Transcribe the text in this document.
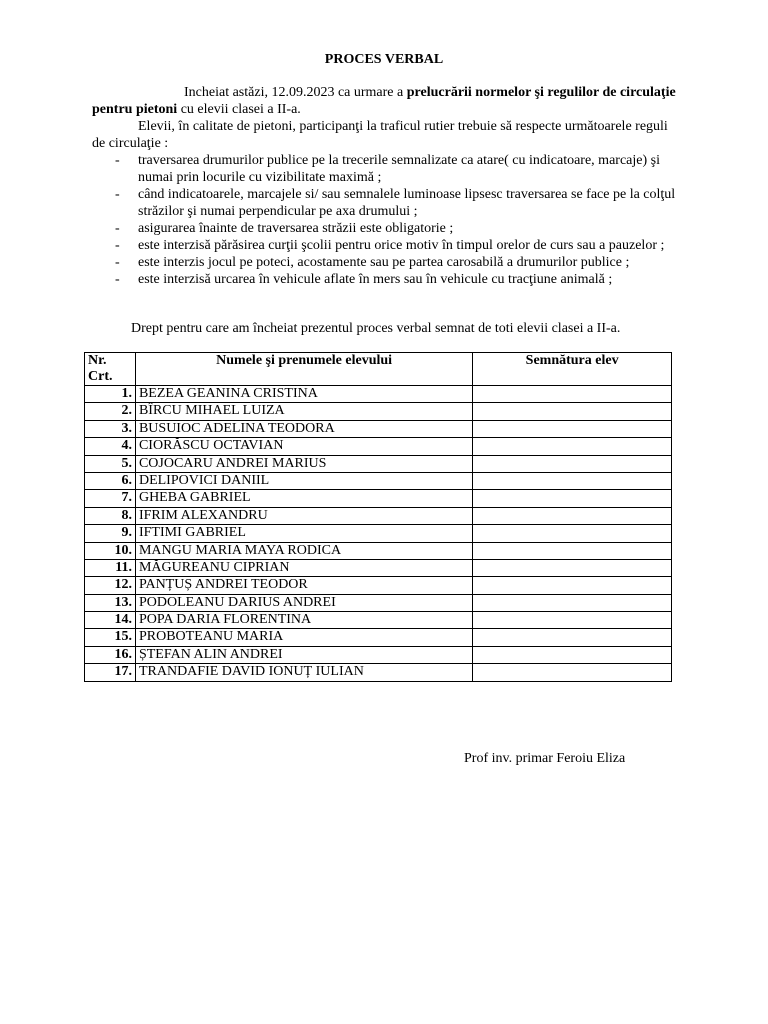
PROCES VERBAL

Incheiat astăzi, 12.09.2023 ca urmare a prelucrării normelor şi regulilor de circulaţie pentru pietoni cu elevii clasei a II-a.

Elevii, în calitate de pietoni, participanţi la traficul rutier trebuie să respecte următoarele reguli de circulaţie :

- traversarea drumurilor publice pe la trecerile semnalizate ca atare( cu indicatoare, marcaje) şi numai prin locurile cu vizibilitate maximă ;
- când indicatoarele, marcajele si/ sau semnalele luminoase lipsesc traversarea se face pe la colţul străzilor şi numai perpendicular pe axa drumului ;
- asigurarea înainte de traversarea străzii este obligatorie ;
- este interzisă părăsirea curţii şcolii pentru orice motiv în timpul orelor de curs sau a pauzelor ;
- este interzis jocul pe poteci, acostamente sau pe partea carosabilă a drumurilor publice ;
- este interzisă urcarea în vehicule aflate în mers sau în vehicule cu tracţiune animală ;
Drept pentru care am încheiat prezentul proces verbal semnat de toti elevii clasei a II-a.
Nr. Crt.	Numele şi prenumele elevului	Semnătura elev
1.	BEZEA GEANINA CRISTINA	
2.	BÎRCU MIHAEL LUIZA	
3.	BUSUIOC ADELINA TEODORA	
4.	CIORĂSCU OCTAVIAN	
5.	COJOCARU ANDREI MARIUS	
6.	DELIPOVICI DANIIL	
7.	GHEBA GABRIEL	
8.	IFRIM ALEXANDRU	
9.	IFTIMI GABRIEL	
10.	MANGU MARIA MAYA RODICA	
11.	MĂGUREANU CIPRIAN	
12.	PANȚUȘ ANDREI TEODOR	
13.	PODOLEANU DARIUS ANDREI	
14.	POPA DARIA FLORENTINA	
15.	PROBOTEANU MARIA	
16.	ȘTEFAN ALIN ANDREI	
17.	TRANDAFIE DAVID IONUȚ IULIAN	
Prof inv. primar Feroiu Eliza
